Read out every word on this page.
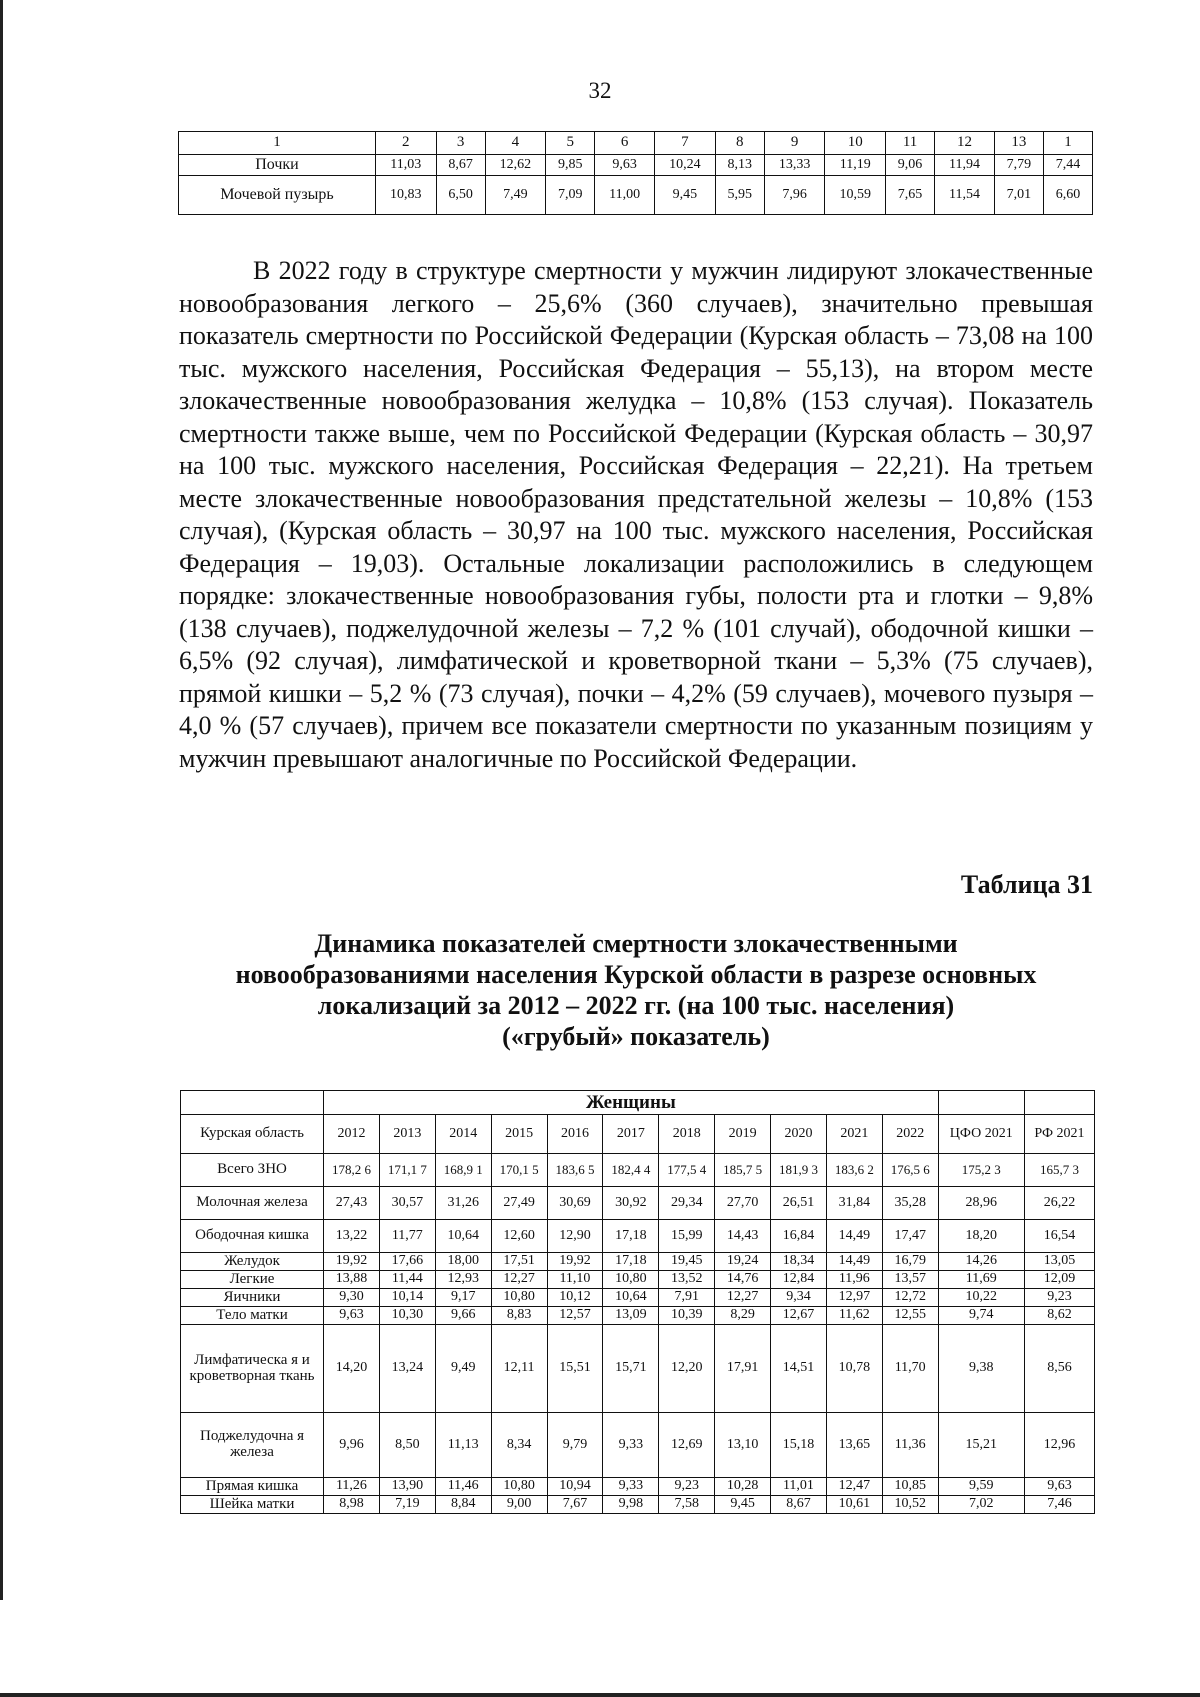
32
1	2	3	4	5	6	7	8	9	10	11	12	13	1
Почки	11,03	8,67	12,62	9,85	9,63	10,24	8,13	13,33	11,19	9,06	11,94	7,79	7,44
Мочевой пузырь	10,83	6,50	7,49	7,09	11,00	9,45	5,95	7,96	10,59	7,65	11,54	7,01	6,60

В 2022 году в структуре смертности у мужчин лидируют злокачественные новообразования легкого – 25,6% (360 случаев), значительно превышая показатель смертности по Российской Федерации (Курская область – 73,08 на 100 тыс. мужского населения, Российская Федерация – 55,13), на втором месте злокачественные новообразования желудка – 10,8% (153 случая). Показатель смертности также выше, чем по Российской Федерации (Курская область – 30,97 на 100 тыс. мужского населения, Российская Федерация – 22,21). На третьем месте злокачественные новообразования предстательной железы – 10,8% (153 случая), (Курская область – 30,97 на 100 тыс. мужского населения, Российская Федерация – 19,03). Остальные локализации расположились в следующем порядке: злокачественные новообразования губы, полости рта и глотки – 9,8% (138 случаев), поджелудочной железы – 7,2 % (101 случай), ободочной кишки – 6,5% (92 случая), лимфатической и кроветворной ткани – 5,3% (75 случаев), прямой кишки – 5,2 % (73 случая), почки – 4,2% (59 случаев), мочевого пузыря – 4,0 % (57 случаев), причем все показатели смертности по указанным позициям у мужчин превышают аналогичные по Российской Федерации.

Таблица 31
Динамика показателей смертности злокачественными
новообразованиями населения Курской области в разрезе основных
локализаций за 2012 – 2022 гг. (на 100 тыс. населения)
(«грубый» показатель)
	Женщины												
Курская область	2012	2013	2014	2015	2016	2017	2018	2019	2020	2021	2022	ЦФО 2021	РФ 2021
Всего ЗНО	178,2 6	171,1 7	168,9 1	170,1 5	183,6 5	182,4 4	177,5 4	185,7 5	181,9 3	183,6 2	176,5 6	175,2 3	165,7 3
Молочная железа	27,43	30,57	31,26	27,49	30,69	30,92	29,34	27,70	26,51	31,84	35,28	28,96	26,22
Ободочная кишка	13,22	11,77	10,64	12,60	12,90	17,18	15,99	14,43	16,84	14,49	17,47	18,20	16,54
Желудок	19,92	17,66	18,00	17,51	19,92	17,18	19,45	19,24	18,34	14,49	16,79	14,26	13,05
Легкие	13,88	11,44	12,93	12,27	11,10	10,80	13,52	14,76	12,84	11,96	13,57	11,69	12,09
Яичники	9,30	10,14	9,17	10,80	10,12	10,64	7,91	12,27	9,34	12,97	12,72	10,22	9,23
Тело матки	9,63	10,30	9,66	8,83	12,57	13,09	10,39	8,29	12,67	11,62	12,55	9,74	8,62
Лимфатическа я и кроветворная ткань	14,20	13,24	9,49	12,11	15,51	15,71	12,20	17,91	14,51	10,78	11,70	9,38	8,56
Поджелудочна я железа	9,96	8,50	11,13	8,34	9,79	9,33	12,69	13,10	15,18	13,65	11,36	15,21	12,96
Прямая кишка	11,26	13,90	11,46	10,80	10,94	9,33	9,23	10,28	11,01	12,47	10,85	9,59	9,63
Шейка матки	8,98	7,19	8,84	9,00	7,67	9,98	7,58	9,45	8,67	10,61	10,52	7,02	7,46
